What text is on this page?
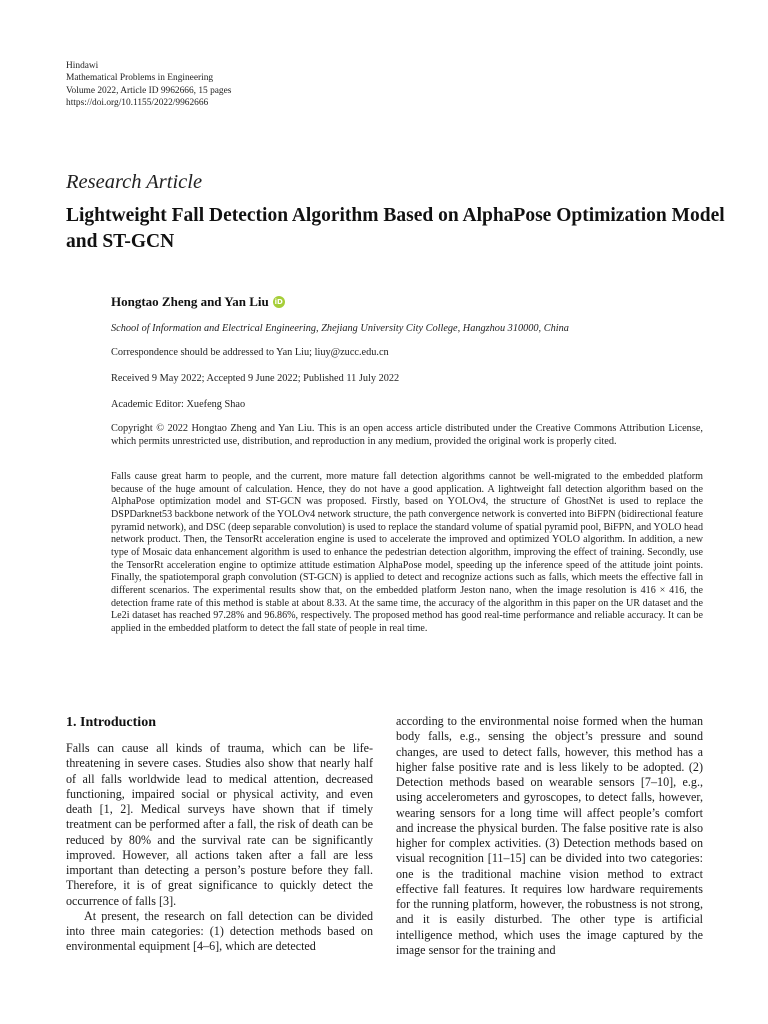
Hindawi
Mathematical Problems in Engineering
Volume 2022, Article ID 9962666, 15 pages
https://doi.org/10.1155/2022/9962666
Research Article
Lightweight Fall Detection Algorithm Based on AlphaPose Optimization Model and ST-GCN
Hongtao Zheng and Yan Liu iD
School of Information and Electrical Engineering, Zhejiang University City College, Hangzhou 310000, China
Correspondence should be addressed to Yan Liu; liuy@zucc.edu.cn
Received 9 May 2022; Accepted 9 June 2022; Published 11 July 2022
Academic Editor: Xuefeng Shao

Copyright © 2022 Hongtao Zheng and Yan Liu. This is an open access article distributed under the Creative Commons Attribution License, which permits unrestricted use, distribution, and reproduction in any medium, provided the original work is properly cited.

Falls cause great harm to people, and the current, more mature fall detection algorithms cannot be well-migrated to the embedded platform because of the huge amount of calculation. Hence, they do not have a good application. A lightweight fall detection algorithm based on the AlphaPose optimization model and ST-GCN was proposed. Firstly, based on YOLOv4, the structure of GhostNet is used to replace the DSPDarknet53 backbone network of the YOLOv4 network structure, the path convergence network is converted into BiFPN (bidirectional feature pyramid network), and DSC (deep separable convolution) is used to replace the standard volume of spatial pyramid pool, BiFPN, and YOLO head network product. Then, the TensorRt acceleration engine is used to accelerate the improved and optimized YOLO algorithm. In addition, a new type of Mosaic data enhancement algorithm is used to enhance the pedestrian detection algorithm, improving the effect of training. Secondly, use the TensorRt acceleration engine to optimize attitude estimation AlphaPose model, speeding up the inference speed of the attitude joint points. Finally, the spatiotemporal graph convolution (ST-GCN) is applied to detect and recognize actions such as falls, which meets the effective fall in different scenarios. The experimental results show that, on the embedded platform Jeston nano, when the image resolution is 416 × 416, the detection frame rate of this method is stable at about 8.33. At the same time, the accuracy of the algorithm in this paper on the UR dataset and the Le2i dataset has reached 97.28% and 96.86%, respectively. The proposed method has good real-time performance and reliable accuracy. It can be applied in the embedded platform to detect the fall state of people in real time.

1. Introduction

Falls can cause all kinds of trauma, which can be life-threatening in severe cases. Studies also show that nearly half of all falls worldwide lead to medical attention, decreased functioning, impaired social or physical activity, and even death [1, 2]. Medical surveys have shown that if timely treatment can be performed after a fall, the risk of death can be reduced by 80% and the survival rate can be significantly improved. However, all actions taken after a fall are less important than detecting a person’s posture before they fall. Therefore, it is of great significance to quickly detect the occurrence of falls [3].

At present, the research on fall detection can be divided into three main categories: (1) detection methods based on environmental equipment [4–6], which are detected

according to the environmental noise formed when the human body falls, e.g., sensing the object’s pressure and sound changes, are used to detect falls, however, this method has a higher false positive rate and is less likely to be adopted. (2) Detection methods based on wearable sensors [7–10], e.g., using accelerometers and gyroscopes, to detect falls, however, wearing sensors for a long time will affect people’s comfort and increase the physical burden. The false positive rate is also higher for complex activities. (3) Detection methods based on visual recognition [11–15] can be divided into two categories: one is the traditional machine vision method to extract effective fall features. It requires low hardware requirements for the running platform, however, the robustness is not strong, and it is easily disturbed. The other type is artificial intelligence method, which uses the image captured by the image sensor for the training and
